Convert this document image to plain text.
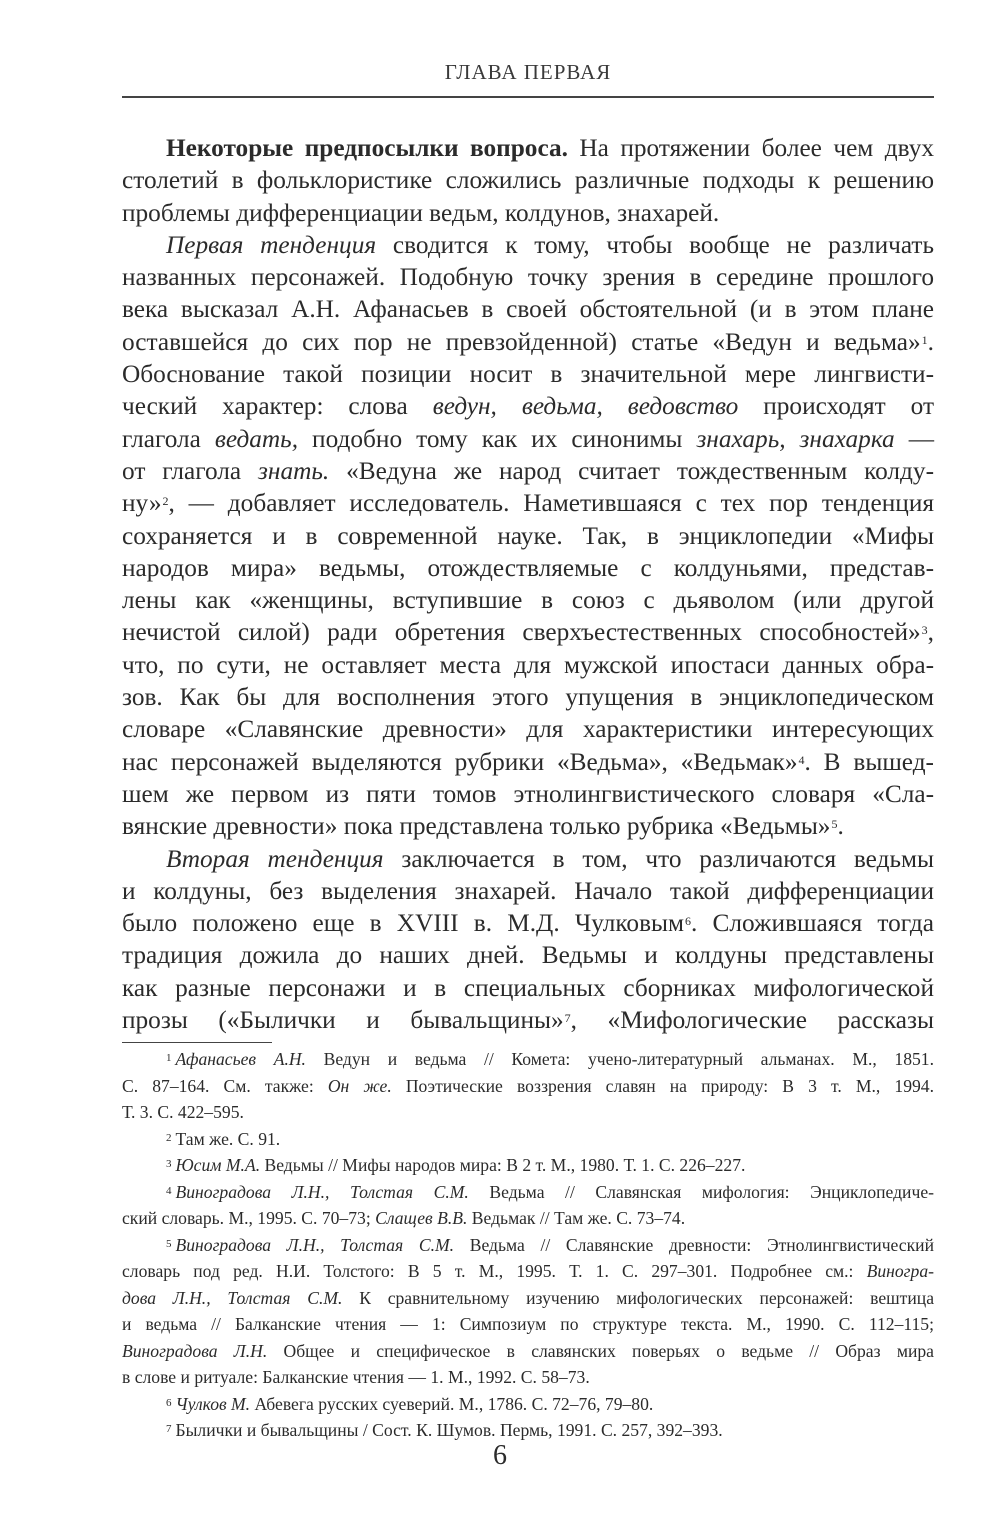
ГЛАВА ПЕРВАЯ
Некоторые предпосылки вопроса. На протяжении более чем двух
столетий в фольклористике сложились различные подходы к решению
проблемы дифференциации ведьм, колдунов, знахарей.
Первая тенденция сводится к тому, чтобы вообще не различать
названных персонажей. Подобную точку зрения в середине прошлого
века высказал А.Н. Афанасьев в своей обстоятельной (и в этом плане
оставшейся до сих пор не превзойденной) статье «Ведун и ведьма»$^1$.
Обоснование такой позиции носит в значительной мере лингвисти-
ческий характер: слова ведун, ведьма, ведовство происходят от
глагола ведать, подобно тому как их синонимы знахарь, знахарка —
от глагола знать. «Ведуна же народ считает тождественным колду-
ну»$^2$, — добавляет исследователь. Наметившаяся с тех пор тенденция
сохраняется и в современной науке. Так, в энциклопедии «Мифы
народов мира» ведьмы, отождествляемые с колдуньями, представ-
лены как «женщины, вступившие в союз с дьяволом (или другой
нечистой силой) ради обретения сверхъестественных способностей»$^3$,
что, по сути, не оставляет места для мужской ипостаси данных обра-
зов. Как бы для восполнения этого упущения в энциклопедическом
словаре «Славянские древности» для характеристики интересующих
нас персонажей выделяются рубрики «Ведьма», «Ведьмак»$^4$. В вышед-
шем же первом из пяти томов этнолингвистического словаря «Сла-
вянские древности» пока представлена только рубрика «Ведьмы»$^5$.
Вторая тенденция заключается в том, что различаются ведьмы
и колдуны, без выделения знахарей. Начало такой дифференциации
было положено еще в XVIII в. М.Д. Чулковым$^6$. Сложившаяся тогда
традиция дожила до наших дней. Ведьмы и колдуны представлены
как разные персонажи и в специальных сборниках мифологической
прозы («Былички и бывальщины»$^7$, «Мифологические рассказы
$^1$ Афанасьев А.Н. Ведун и ведьма // Комета: учено-литературный альманах. М., 1851.
С. 87–164. См. также: Он же. Поэтические воззрения славян на природу: В 3 т. М., 1994.
Т. 3. С. 422–595.
$^2$ Там же. С. 91.
$^3$ Юсим М.А. Ведьмы // Мифы народов мира: В 2 т. М., 1980. Т. 1. С. 226–227.
$^4$ Виноградова Л.Н., Толстая С.М. Ведьма // Славянская мифология: Энциклопедиче-
ский словарь. М., 1995. С. 70–73; Слащев В.В. Ведьмак // Там же. С. 73–74.
$^5$ Виноградова Л.Н., Толстая С.М. Ведьма // Славянские древности: Этнолингвистический
словарь под ред. Н.И. Толстого: В 5 т. М., 1995. Т. 1. С. 297–301. Подробнее см.: Виногра-
дова Л.Н., Толстая С.М. К сравнительному изучению мифологических персонажей: вештица
и ведьма // Балканские чтения — 1: Симпозиум по структуре текста. М., 1990. С. 112–115;
Виноградова Л.Н. Общее и специфическое в славянских поверьях о ведьме // Образ мира
в слове и ритуале: Балканские чтения — 1. М., 1992. С. 58–73.
$^6$ Чулков М. Абевега русских суеверий. М., 1786. С. 72–76, 79–80.
$^7$ Былички и бывальщины / Сост. К. Шумов. Пермь, 1991. С. 257, 392–393.
6
